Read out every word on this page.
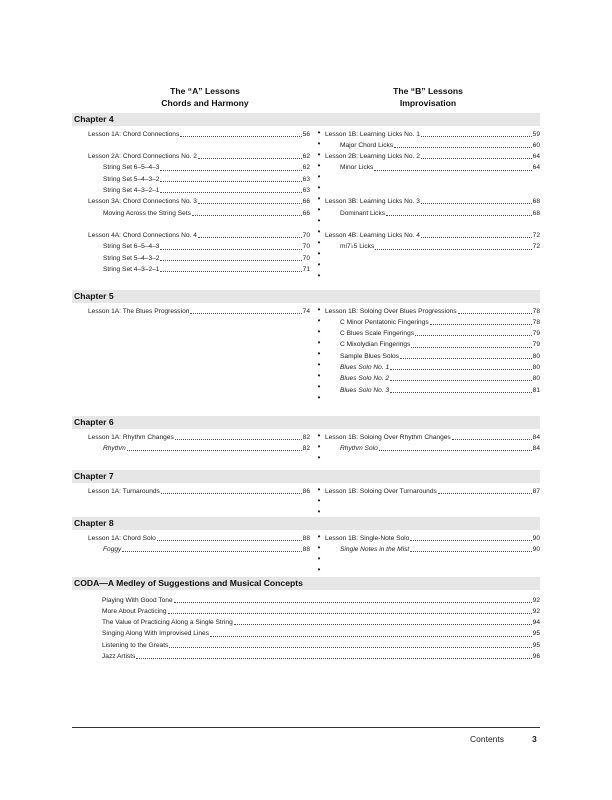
The “A” Lessons
Chords and Harmony
The “B” Lessons
Improvisation
Chapter 4
Lesson 1A: Chord Connections	56
Lesson 2A: Chord Connections No. 2	62
String Set 6–5–4–3	62
String Set 5–4–3–2	63
String Set 4–3–2–1	63
Lesson 3A: Chord Connections No. 3	66
Moving Across the String Sets	66
Lesson 4A: Chord Connections No. 4	70
String Set 6–5–4–3	70
String Set 5–4–3–2	70
String Set 4–3–2–1	71
Lesson 1B: Learning Licks No. 1	59
Major Chord Licks	60
Lesson 2B: Learning Licks No. 2	64
Minor Licks	64
Lesson 3B: Learning Licks No. 3	68
Dominant Licks	68
Lesson 4B: Learning Licks No. 4	72
mi7♭5 Licks	72
•
•
•
•
•
•
•
•
•
•
•
•
•
•
Chapter 5
Lesson 1A: The Blues Progression	74 Lesson 1B: Soloing Over Blues Progressions	78
C Minor Pentatonic Fingerings	78
C Blues Scale Fingerings	79
C Mixolydian Fingerings	79
Sample Blues Solos	80
Blues Solo No. 1	80
Blues Solo No. 2	80
Blues Solo No. 3	81
•
•
•
•
•
•
•
•
•
Chapter 6
Lesson 1A: Rhythm Changes	82
Rhythm	82
Lesson 1B: Soloing Over Rhythm Changes	84
Rhythm Solo	84
•
•
•
Chapter 7
Lesson 1A: Turnarounds	86 Lesson 1B: Soloing Over Turnarounds	87
•
•
•
Chapter 8
Lesson 1A: Chord Solo	88
Foggy	88
Lesson 1B: Single-Note Solo	90
Single Notes in the Mist	90
•
•
•
•
CODA—A Medley of Suggestions and Musical Concepts
Playing With Good Tone	92
More About Practicing	92
The Value of Practicing Along a Single String	94
Singing Along With Improvised Lines	95
Listening to the Greats	95
Jazz Artists	96
Contents	3
